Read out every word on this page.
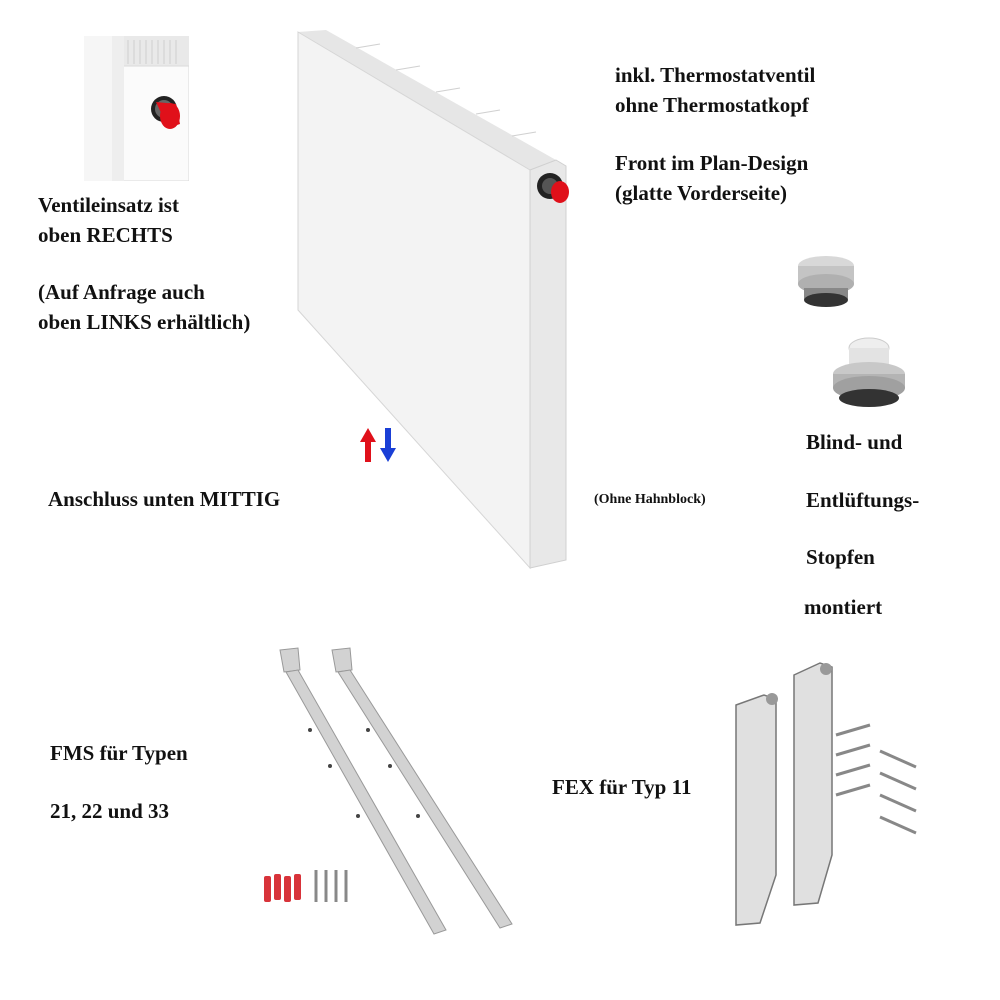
Ventileinsatz ist
oben RECHTS
(Auf Anfrage auch
oben LINKS erhältlich)
inkl. Thermostatventil
ohne Thermostatkopf
Front im Plan-Design
(glatte Vorderseite)
Anschluss unten MITTIG	(Ohne Hahnblock)
Blind- und
Entlüftungs-
Stopfen
montiert
FMS für Typen
21, 22 und 33
FEX für Typ 11
